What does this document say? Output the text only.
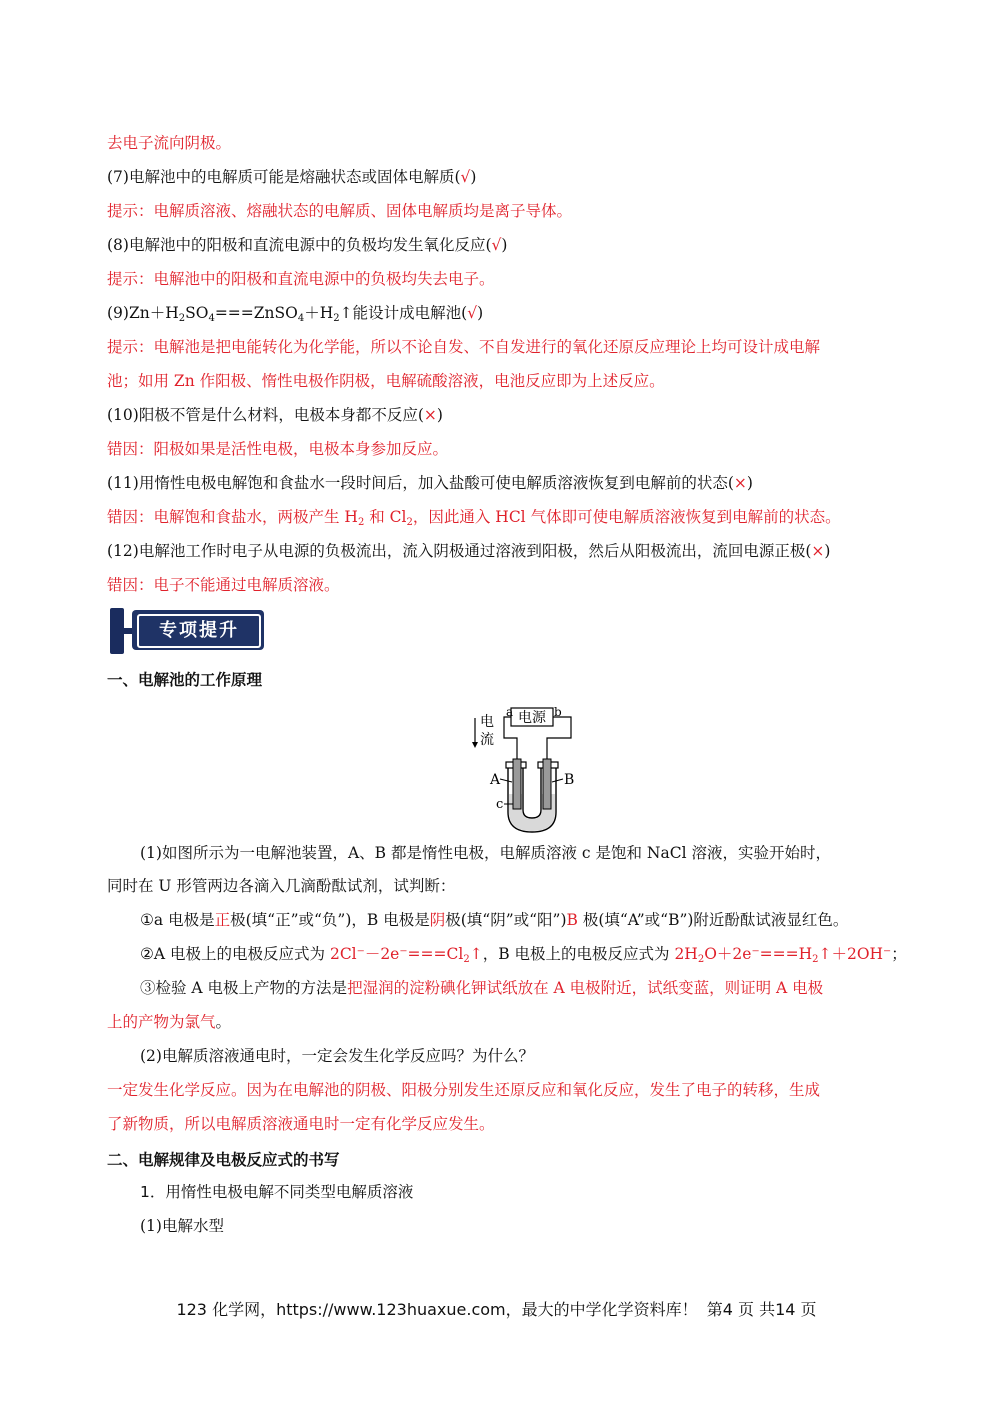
去电子流向阴极。
(7)电解池中的电解质可能是熔融状态或固体电解质(√)
提示：电解质溶液、熔融状态的电解质、固体电解质均是离子导体。
(8)电解池中的阳极和直流电源中的负极均发生氧化反应(√)
提示：电解池中的阳极和直流电源中的负极均失去电子。
$(9)Zn+H_2SO_4===ZnSO_4+H_2↑$能设计成电解池(√)
提示：电解池是把电能转化为化学能，所以不论自发、不自发进行的氧化还原反应理论上均可设计成电解
池；如用 Zn 作阳极、惰性电极作阴极，电解硫酸溶液，电池反应即为上述反应。
(10)阳极不管是什么材料，电极本身都不反应(×)
错因：阳极如果是活性电极，电极本身参加反应。
(11)用惰性电极电解饱和食盐水一段时间后，加入盐酸可使电解质溶液恢复到电解前的状态(×)
错因：电解饱和食盐水，两极产生 $H_2$ 和 $Cl_2$，因此通入 HCl 气体即可使电解质溶液恢复到电解前的状态。
(12)电解池工作时电子从电源的负极流出，流入阴极通过溶液到阳极，然后从阳极流出，流回电源正极(×)
错因：电子不能通过电解质溶液。
专项提升
一、电解池的工作原理
电源
a	b
电
流
A	B
c
(1)如图所示为一电解池装置，A、B 都是惰性电极，电解质溶液 c 是饱和 NaCl 溶液，实验开始时，
同时在 U 形管两边各滴入几滴酚酞试剂，试判断：
①a 电极是正极(填“正”或“负”)，B 电极是阴极(填“阴”或“阳”)B 极(填“A”或“B”)附近酚酞试液显红色。
②A 电极上的电极反应式为 $2Cl^--2e^-===Cl_2↑$，B 电极上的电极反应式为 $2H_2O+2e^-===H_2↑+2OH^-$；
③检验 A 电极上产物的方法是把湿润的淀粉碘化钾试纸放在 A 电极附近，试纸变蓝，则证明 A 电极
上的产物为氯气。
(2)电解质溶液通电时，一定会发生化学反应吗？为什么？
一定发生化学反应。因为在电解池的阴极、阳极分别发生还原反应和氧化反应，发生了电子的转移，生成
了新物质，所以电解质溶液通电时一定有化学反应发生。
二、电解规律及电极反应式的书写
1．用惰性电极电解不同类型电解质溶液
(1)电解水型
123 化学网，https://www.123huaxue.com，最大的中学化学资料库！ 第4 页 共14 页
